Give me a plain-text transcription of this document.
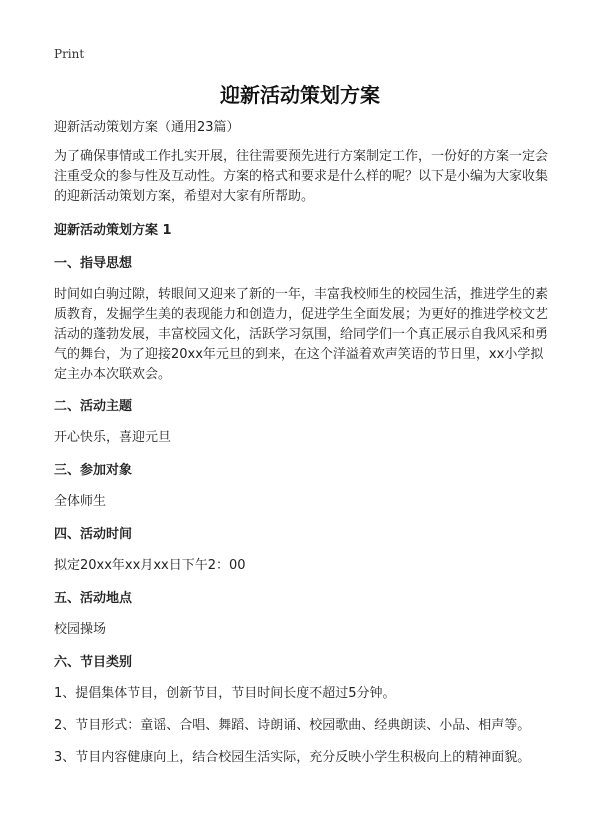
Print
迎新活动策划方案

迎新活动策划方案（通用23篇）

为了确保事情或工作扎实开展，往往需要预先进行方案制定工作，一份好的方案一定会注重受众的参与性及互动性。方案的格式和要求是什么样的呢？以下是小编为大家收集的迎新活动策划方案，希望对大家有所帮助。

迎新活动策划方案 1

一、指导思想

时间如白驹过隙，转眼间又迎来了新的一年，丰富我校师生的校园生活，推进学生的素质教育，发掘学生美的表现能力和创造力，促进学生全面发展；为更好的推进学校文艺活动的蓬勃发展，丰富校园文化，活跃学习氛围，给同学们一个真正展示自我风采和勇气的舞台，为了迎接20xx年元旦的到来，在这个洋溢着欢声笑语的节日里，xx小学拟定主办本次联欢会。

二、活动主题

开心快乐，喜迎元旦

三、参加对象

全体师生

四、活动时间

拟定20xx年xx月xx日下午2：00

五、活动地点

校园操场

六、节目类别

1、提倡集体节目，创新节目，节目时间长度不超过5分钟。

2、节目形式：童谣、合唱、舞蹈、诗朗诵、校园歌曲、经典朗读、小品、相声等。

3、节目内容健康向上，结合校园生活实际，充分反映小学生积极向上的精神面貌。
